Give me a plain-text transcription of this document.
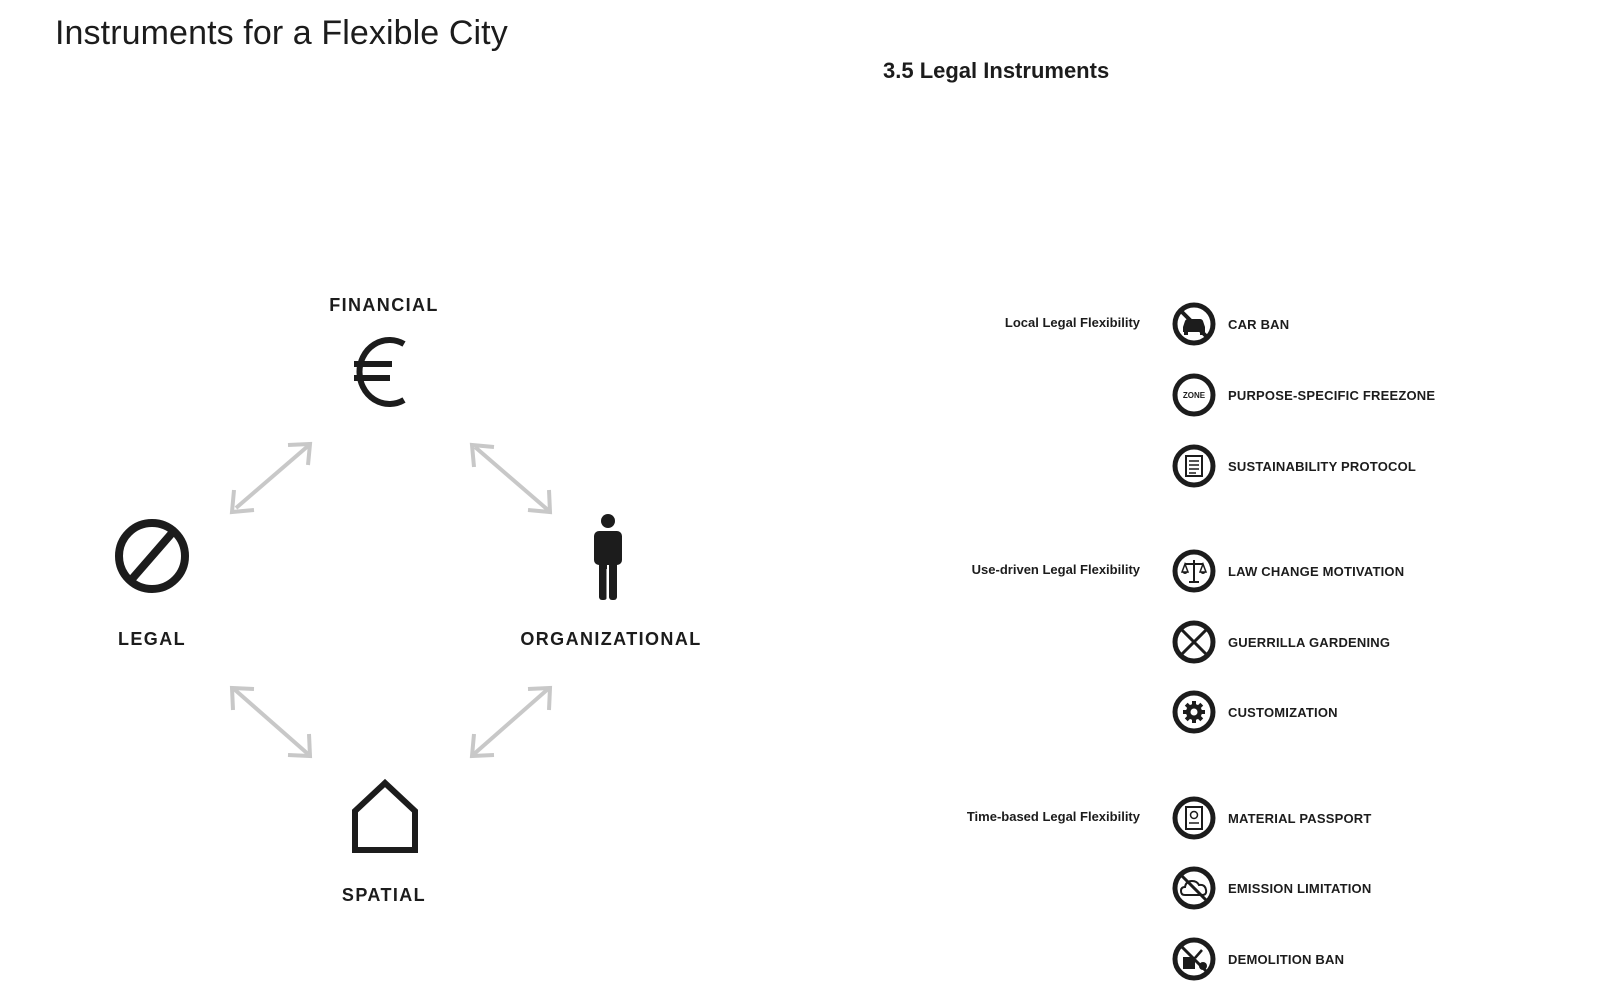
Instruments for a Flexible City
3.5 Legal Instruments
FINANCIAL
LEGAL	ORGANIZATIONAL
SPATIAL
Local Legal Flexibility
Use-driven Legal Flexibility
Time-based Legal Flexibility
CAR BAN
ZONE PURPOSE-SPECIFIC FREEZONE
SUSTAINABILITY PROTOCOL
LAW CHANGE MOTIVATION
GUERRILLA GARDENING
CUSTOMIZATION
MATERIAL PASSPORT
EMISSION LIMITATION
DEMOLITION BAN
